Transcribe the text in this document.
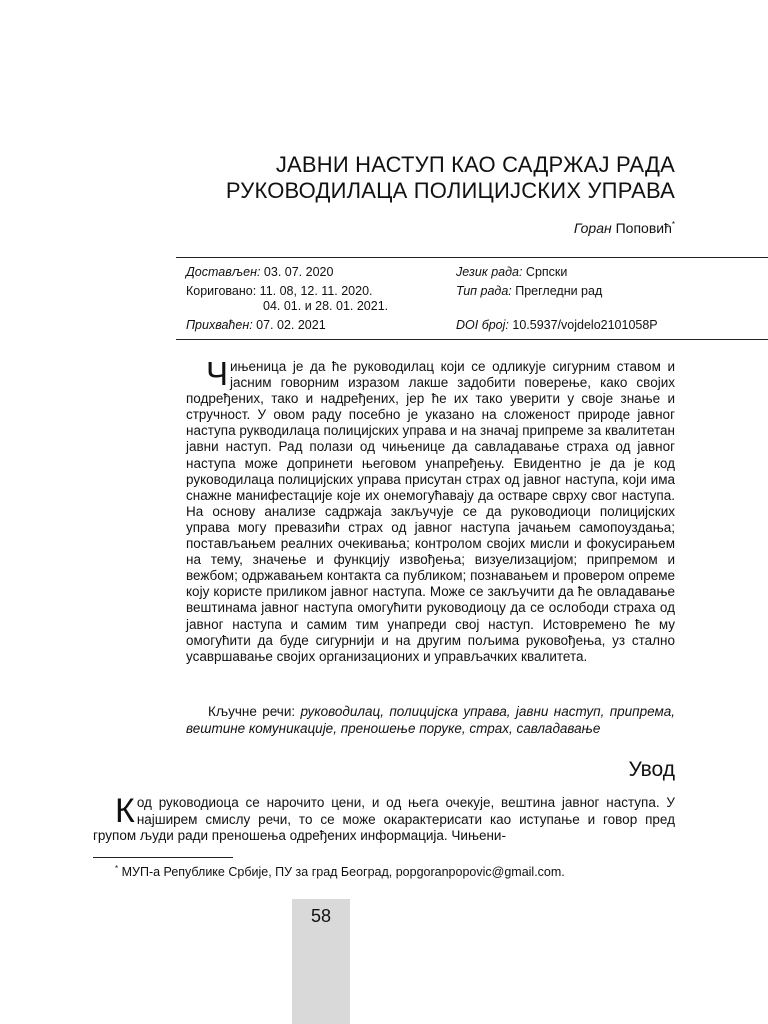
ЈАВНИ НАСТУП КАО САДРЖАЈ РАДА
РУКОВОДИЛАЦА ПОЛИЦИЈСКИХ УПРАВА
Горан Поповић*
Достављен: 03. 07. 2020
Кориговано: 11. 08, 12. 11. 2020.
04. 01. и 28. 01. 2021.
Прихваћен: 07. 02. 2021
Језик рада: Српски
Тип рада: Прегледни рад
DOI број: 10.5937/vojdelo2101058P
Чињеница је да ће руководилац који се одликује сигурним ставом и јасним говорним изразом лакше задобити поверење, како својих подређених, тако и надређених, јер ће их тако уверити у своје знање и стручност. У овом раду посебно је указано на сложеност природе јавног наступа рукводилаца полицијских управа и на значај припреме за квалитетан јавни наступ. Рад полази од чињенице да савладавање страха од јавног наступа може допринети његовом унапређењу. Евидентно је да је код руководилаца полицијских управа присутан страх од јавног наступа, који има снажне манифестације које их онемогућавају да остваре сврху свог наступа. На основу анализе садржаја закључује се да руководиоци полицијских управа могу превазићи страх од јавног наступа јачањем самопоуздања; постављањем реалних очекивања; контролом својих мисли и фокусирањем на тему, значење и функцију извођења; визуелизацијом; припремом и вежбом; одржавањем контакта са публиком; познавањем и провером опреме коју користе приликом јавног наступа. Може се закључити да ће овладавање вештинама јавног наступа омогућити руководиоцу да се ослободи страха од јавног наступа и самим тим унапреди свој наступ. Истовремено ће му омогућити да буде сигурнији и на другим пољима руковођења, уз стално усавршавање својих организационих и управљачких квалитета.
Кључне речи: руководилац, полицијска управа, јавни наступ, припрема, вештине комуникације, преношење поруке, страх, савладавање
Увод
Код руководиоца се нарочито цени, и од њега очекује, вештина јавног наступа. У најширем смислу речи, то се може окарактерисати као иступање и говор пред групом људи ради преношења одређених информација. Чињени-
* МУП-а Републике Србије, ПУ за град Београд, popgoranpopovic@gmail.com.
58
